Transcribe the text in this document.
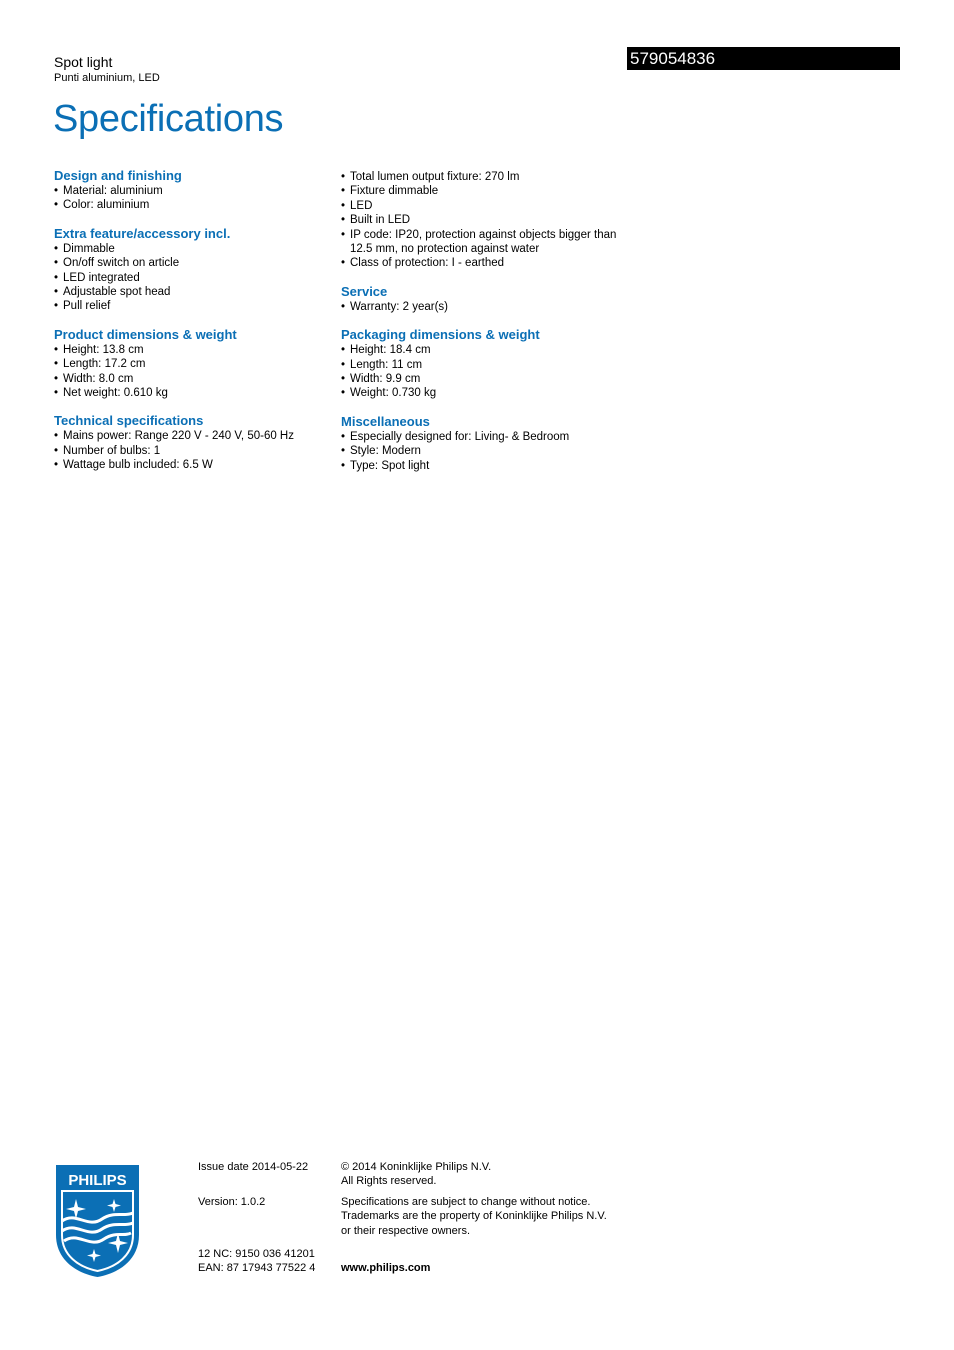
Spot light
Punti aluminium, LED
579054836
Specifications
Design and finishing
• Material: aluminium
• Color: aluminium
Extra feature/accessory incl.
• Dimmable
• On/off switch on article
• LED integrated
• Adjustable spot head
• Pull relief
Product dimensions & weight
• Height: 13.8 cm
• Length: 17.2 cm
• Width: 8.0 cm
• Net weight: 0.610 kg
Technical specifications
• Mains power: Range 220 V - 240 V, 50-60 Hz
• Number of bulbs: 1
• Wattage bulb included: 6.5 W
• Total lumen output fixture: 270 lm
• Fixture dimmable
• LED
• Built in LED
• IP code: IP20, protection against objects bigger than 12.5 mm, no protection against water
• Class of protection: I - earthed
Service
• Warranty: 2 year(s)
Packaging dimensions & weight
• Height: 18.4 cm
• Length: 11 cm
• Width: 9.9 cm
• Weight: 0.730 kg
Miscellaneous
• Especially designed for: Living- & Bedroom
• Style: Modern
• Type: Spot light
PHILIPS
Issue date 2014-05-22
Version: 1.0.2
12 NC: 9150 036 41201
EAN: 87 17943 77522 4
© 2014 Koninklijke Philips N.V.
All Rights reserved.
Specifications are subject to change without notice.
Trademarks are the property of Koninklijke Philips N.V.
or their respective owners.
www.philips.com
